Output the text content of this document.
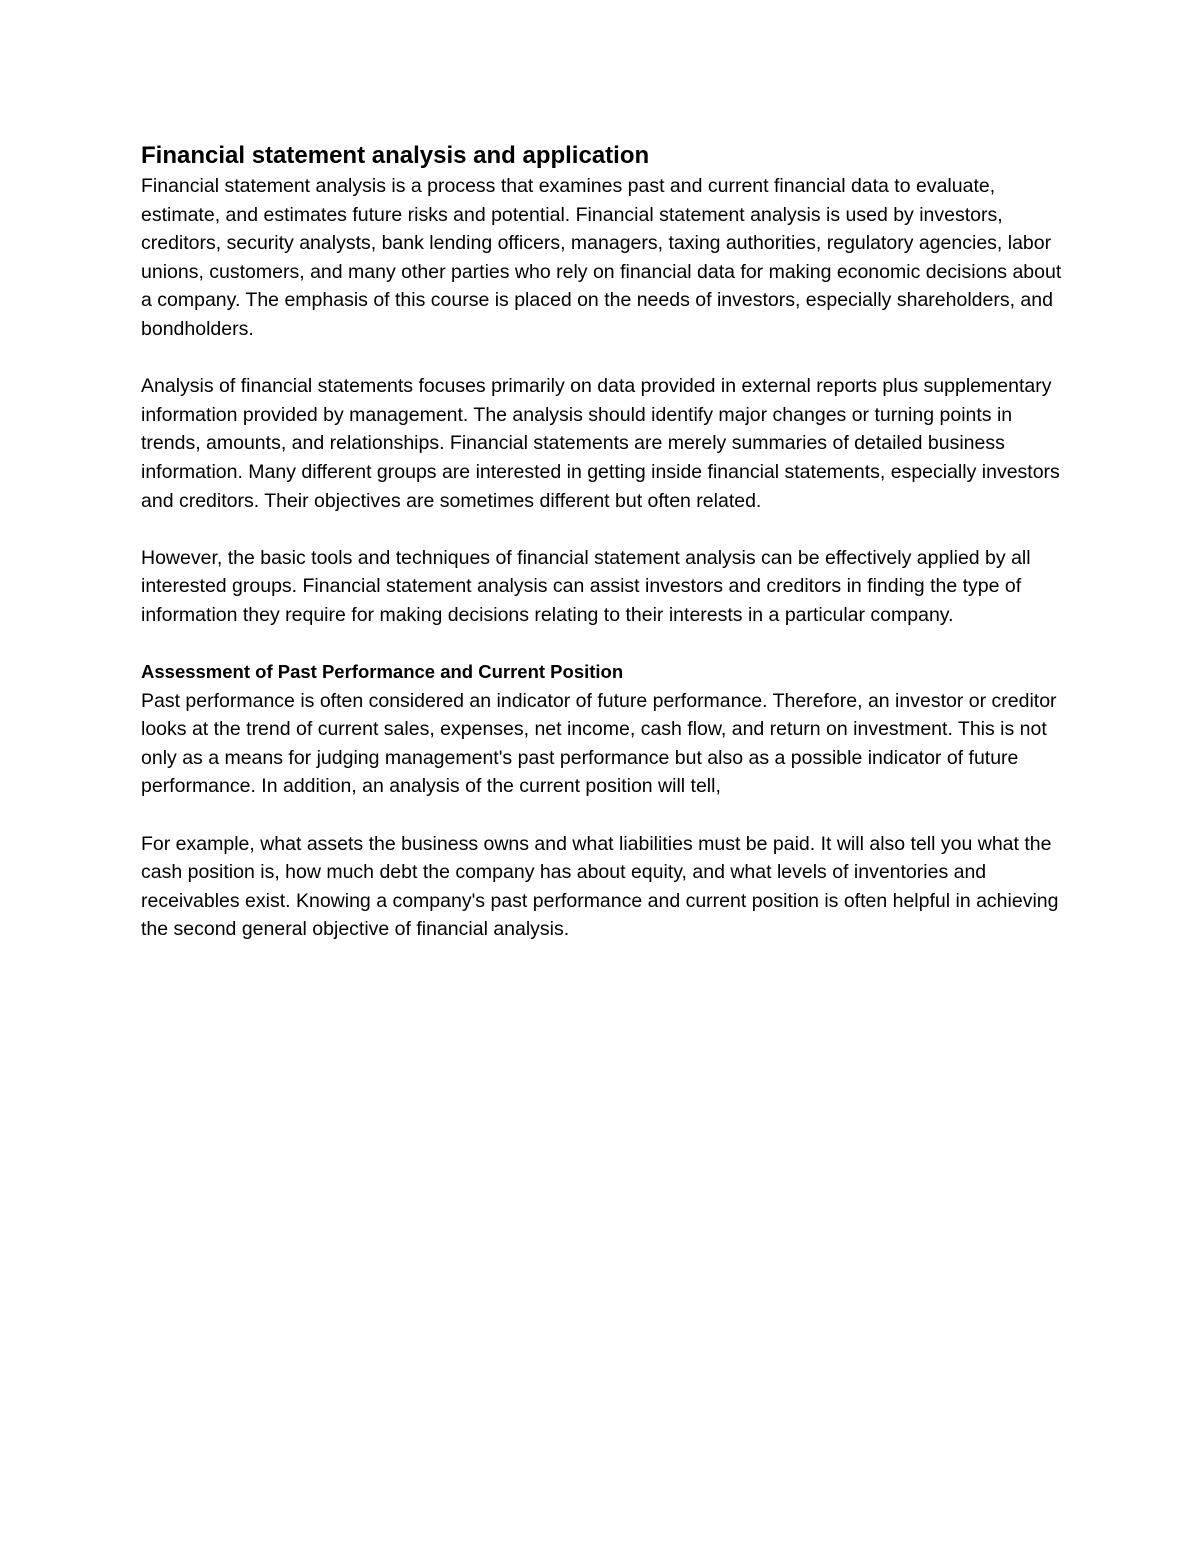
Financial statement analysis and application

Financial statement analysis is a process that examines past and current financial data to evaluate, estimate, and estimates future risks and potential. Financial statement analysis is used by investors, creditors, security analysts, bank lending officers, managers, taxing authorities, regulatory agencies, labor unions, customers, and many other parties who rely on financial data for making economic decisions about a company. The emphasis of this course is placed on the needs of investors, especially shareholders, and bondholders.

Analysis of financial statements focuses primarily on data provided in external reports plus supplementary information provided by management. The analysis should identify major changes or turning points in trends, amounts, and relationships. Financial statements are merely summaries of detailed business information. Many different groups are interested in getting inside financial statements, especially investors and creditors. Their objectives are sometimes different but often related.

However, the basic tools and techniques of financial statement analysis can be effectively applied by all interested groups. Financial statement analysis can assist investors and creditors in finding the type of information they require for making decisions relating to their interests in a particular company.

Assessment of Past Performance and Current Position

Past performance is often considered an indicator of future performance. Therefore, an investor or creditor looks at the trend of current sales, expenses, net income, cash flow, and return on investment. This is not only as a means for judging management's past performance but also as a possible indicator of future performance. In addition, an analysis of the current position will tell,

For example, what assets the business owns and what liabilities must be paid. It will also tell you what the cash position is, how much debt the company has about equity, and what levels of inventories and receivables exist. Knowing a company's past performance and current position is often helpful in achieving the second general objective of financial analysis.
